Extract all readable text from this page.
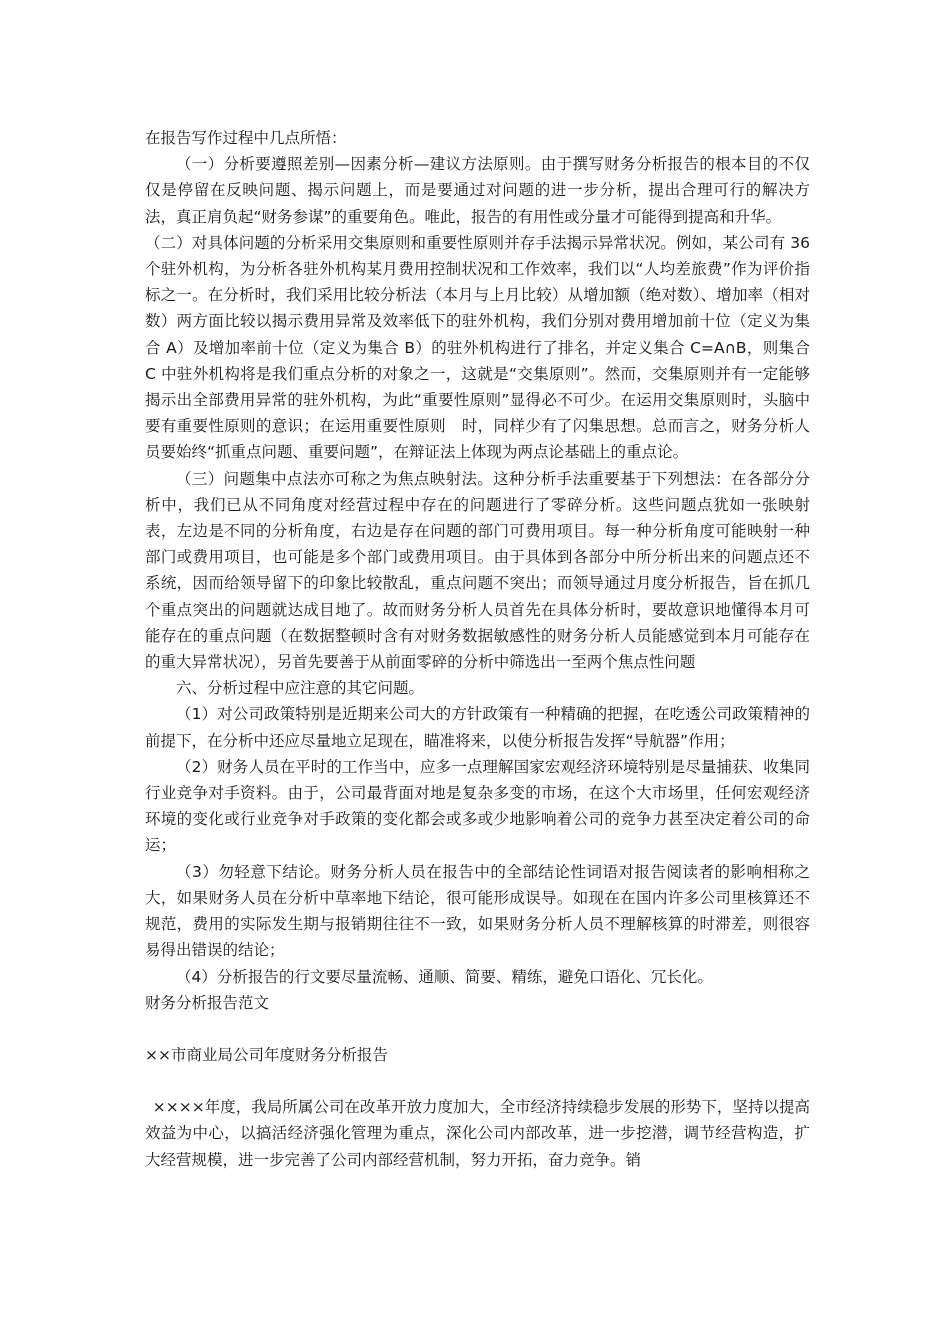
在报告写作过程中几点所悟：

（一）分析要遵照差别—因素分析—建议方法原则。由于撰写财务分析报告的根本目的不仅仅是停留在反映问题、揭示问题上，而是要通过对问题的进一步分析，提出合理可行的解决方法，真正肩负起“财务参谋”的重要角色。唯此，报告的有用性或分量才可能得到提高和升华。

（二）对具体问题的分析采用交集原则和重要性原则并存手法揭示异常状况。例如，某公司有 36 个驻外机构，为分析各驻外机构某月费用控制状况和工作效率，我们以“人均差旅费”作为评价指标之一。在分析时，我们采用比较分析法（本月与上月比较）从增加额（绝对数）、增加率（相对数）两方面比较以揭示费用异常及效率低下的驻外机构，我们分别对费用增加前十位（定义为集合 A）及增加率前十位（定义为集合 B）的驻外机构进行了排名，并定义集合 C=A∩B，则集合 C 中驻外机构将是我们重点分析的对象之一，这就是“交集原则”。然而，交集原则并有一定能够揭示出全部费用异常的驻外机构，为此“重要性原则”显得必不可少。在运用交集原则时，头脑中要有重要性原则的意识；在运用重要性原则　时，同样少有了闪集思想。总而言之，财务分析人员要始终“抓重点问题、重要问题”，在辩证法上体现为两点论基础上的重点论。

（三）问题集中点法亦可称之为焦点映射法。这种分析手法重要基于下列想法：在各部分分析中，我们已从不同角度对经营过程中存在的问题进行了零碎分析。这些问题点犹如一张映射表，左边是不同的分析角度，右边是存在问题的部门可费用项目。每一种分析角度可能映射一种部门或费用项目，也可能是多个部门或费用项目。由于具体到各部分中所分析出来的问题点还不系统，因而给领导留下的印象比较散乱，重点问题不突出；而领导通过月度分析报告，旨在抓几个重点突出的问题就达成目地了。故而财务分析人员首先在具体分析时，要故意识地懂得本月可能存在的重点问题（在数据整顿时含有对财务数据敏感性的财务分析人员能感觉到本月可能存在的重大异常状况），另首先要善于从前面零碎的分析中筛选出一至两个焦点性问题

六、分析过程中应注意的其它问题。

（1）对公司政策特别是近期来公司大的方针政策有一种精确的把握，在吃透公司政策精神的前提下，在分析中还应尽量地立足现在，瞄准将来，以使分析报告发挥“导航器”作用；

（2）财务人员在平时的工作当中，应多一点理解国家宏观经济环境特别是尽量捕获、收集同行业竞争对手资料。由于，公司最背面对地是复杂多变的市场，在这个大市场里，任何宏观经济环境的变化或行业竞争对手政策的变化都会或多或少地影响着公司的竞争力甚至决定着公司的命运；

（3）勿轻意下结论。财务分析人员在报告中的全部结论性词语对报告阅读者的影响相称之大，如果财务人员在分析中草率地下结论，很可能形成误导。如现在在国内许多公司里核算还不规范，费用的实际发生期与报销期往往不一致，如果财务分析人员不理解核算的时滞差，则很容易得出错误的结论；

（4）分析报告的行文要尽量流畅、通顺、简要、精练，避免口语化、冗长化。

财务分析报告范文

××市商业局公司年度财务分析报告

××××年度，我局所属公司在改革开放力度加大，全市经济持续稳步发展的形势下，坚持以提高效益为中心，以搞活经济强化管理为重点，深化公司内部改革，进一步挖潜，调节经营构造，扩大经营规模，进一步完善了公司内部经营机制，努力开拓，奋力竞争。销
